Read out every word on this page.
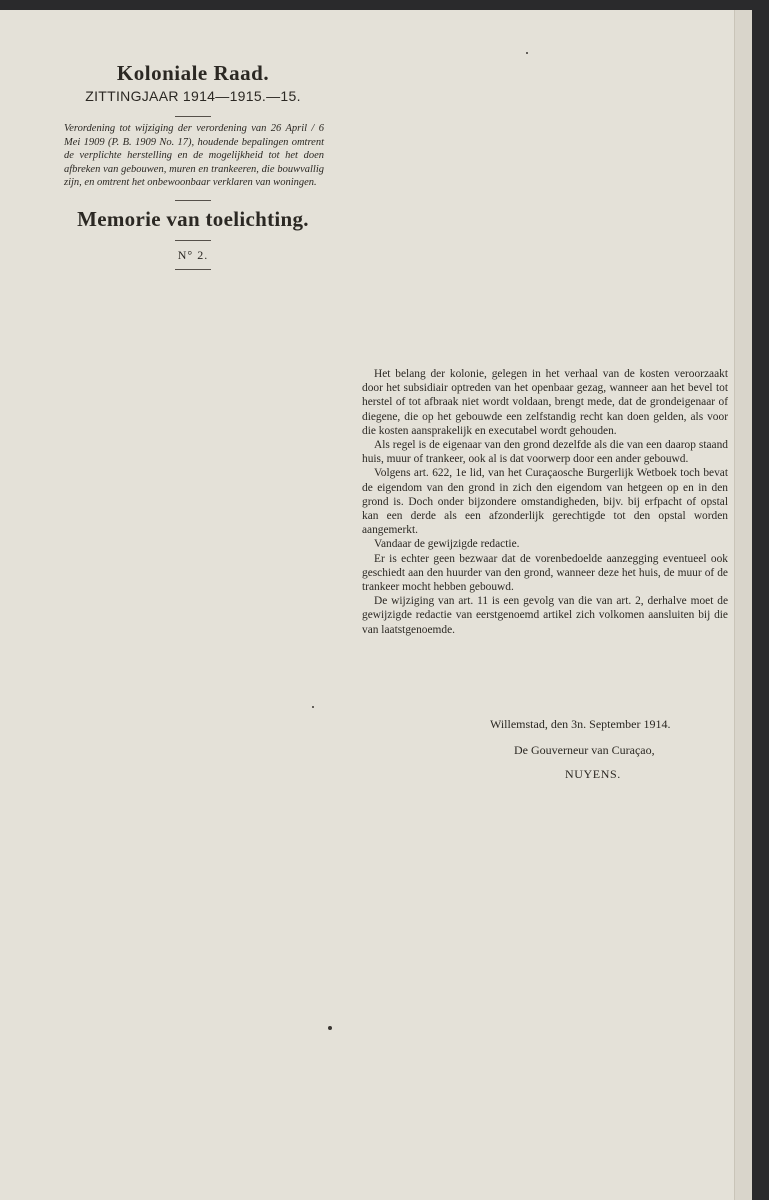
Koloniale Raad.

ZITTINGJAAR 1914—1915.—15.

Verordening tot wijziging der verordening van 26 April / 6 Mei 1909 (P. B. 1909 No. 17), houdende bepalingen omtrent de verplichte herstelling en de mogelijkheid tot het doen afbreken van gebouwen, muren en trankeeren, die bouwvallig zijn, en omtrent het onbewoonbaar verklaren van woningen.

Memorie van toelichting.

N° 2.

Het belang der kolonie, gelegen in het verhaal van de kosten veroorzaakt door het subsidiair optreden van het openbaar gezag, wanneer aan het bevel tot herstel of tot afbraak niet wordt voldaan, brengt mede, dat de grondeigenaar of diegene, die op het gebouwde een zelfstandig recht kan doen gelden, als voor die kosten aansprakelijk en executabel wordt gehouden.

Als regel is de eigenaar van den grond dezelfde als die van een daarop staand huis, muur of trankeer, ook al is dat voorwerp door een ander gebouwd.

Volgens art. 622, 1e lid, van het Curaçaosche Burgerlijk Wetboek toch bevat de eigendom van den grond in zich den eigendom van hetgeen op en in den grond is. Doch onder bijzondere omstandigheden, bijv. bij erfpacht of opstal kan een derde als een afzonderlijk gerechtigde tot den opstal worden aangemerkt.

Vandaar de gewijzigde redactie.

Er is echter geen bezwaar dat de vorenbedoelde aanzegging eventueel ook geschiedt aan den huurder van den grond, wanneer deze het huis, de muur of de trankeer mocht hebben gebouwd.

De wijziging van art. 11 is een gevolg van die van art. 2, derhalve moet de gewijzigde redactie van eerstgenoemd artikel zich volkomen aansluiten bij die van laatstgenoemde.

Willemstad, den 3n. September 1914.
De Gouverneur van Curaçao,
NUYENS.
